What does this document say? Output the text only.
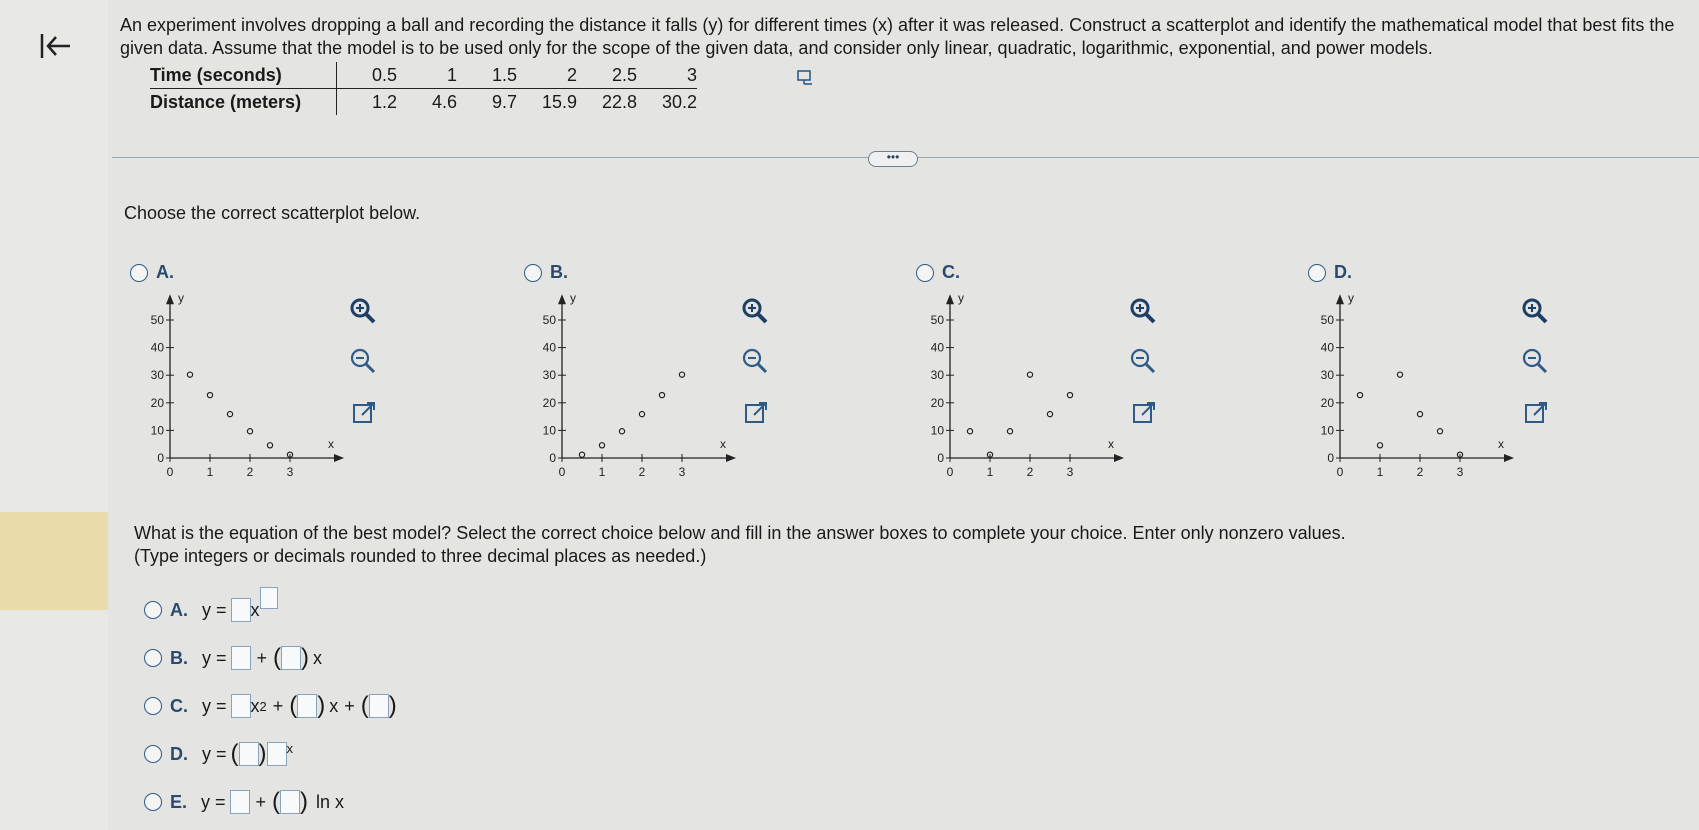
An experiment involves dropping a ball and recording the distance it falls (y) for different times (x) after it was released. Construct a scatterplot and identify the mathematical model that best fits the given data. Assume that the model is to be used only for the scope of the given data, and consider only linear, quadratic, logarithmic, exponential, and power models.
Time (seconds)	0.5	1	1.5	2	2.5	3
Distance (meters)	1.2	4.6	9.7	15.9	22.8	30.2
•••
Choose the correct scatterplot below.
A.	B.	C.	D.
x
y
0	1	2	3
0
10
20
30
40
50
x
y
0	1	2	3
0
10
20
30
40
50
x
y
0	1	2	3
0
10
20
30
40
50
x
y
0	1	2	3
0
10
20
30
40
50
What is the equation of the best model? Select the correct choice below and fill in the answer boxes to complete your choice. Enter only nonzero values.
(Type integers or decimals rounded to three decimal places as needed.)
A. y = x
B. y = + ( ) x
C. y = x 2 + ( ) x + ( )
D. y = ( ) $^x$
E. y = + ( ) ln x
